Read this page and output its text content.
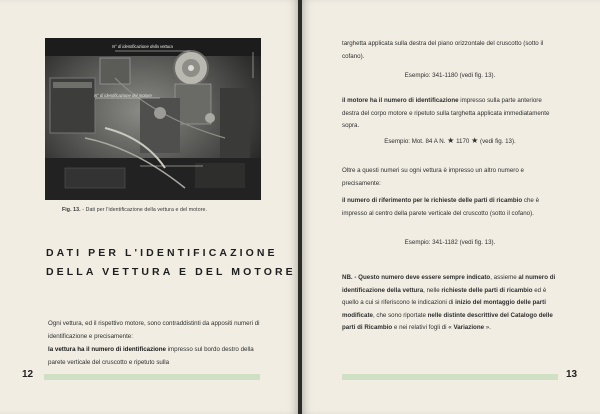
Fig. 13. - Dati per l'identificazione della vettura e del motore.
DATI PER L'IDENTIFICAZIONE
DELLA VETTURA E DEL MOTORE
Ogni vettura, ed il rispettivo motore, sono contraddistinti da appositi numeri di identificazione e precisamente:
la vettura ha il numero di identificazione impresso sul bordo destro della parete verticale del cruscotto e ripetuto sulla
12
targhetta applicata sulla destra del piano orizzontale del cruscotto (sotto il cofano).
Esempio: 341-1180 (vedi fig. 13).
il motore ha il numero di identificazione impresso sulla parte anteriore destra del corpo motore e ripetuto sulla targhetta applicata immediatamente sopra.
Esempio: Mot. 84 A N. ★ 1170 ★ (vedi fig. 13).
Oltre a questi numeri su ogni vettura è impresso un altro numero e precisamente:
il numero di riferimento per le richieste delle parti di ricambio che è impresso al centro della parete verticale del cruscotto (sotto il cofano).
Esempio: 341-1182 (vedi fig. 13).
NB. - Questo numero deve essere sempre indicato, assieme al numero di identificazione della vettura, nelle richieste delle parti di ricambio ed è quello a cui si riferiscono le indicazioni di inizio del montaggio delle parti modificate, che sono riportate nelle distinte descrittive del Catalogo delle parti di Ricambio e nei relativi fogli di « Variazione ».
13
N° di identificazione della vettura
N° di identificazione del motore
